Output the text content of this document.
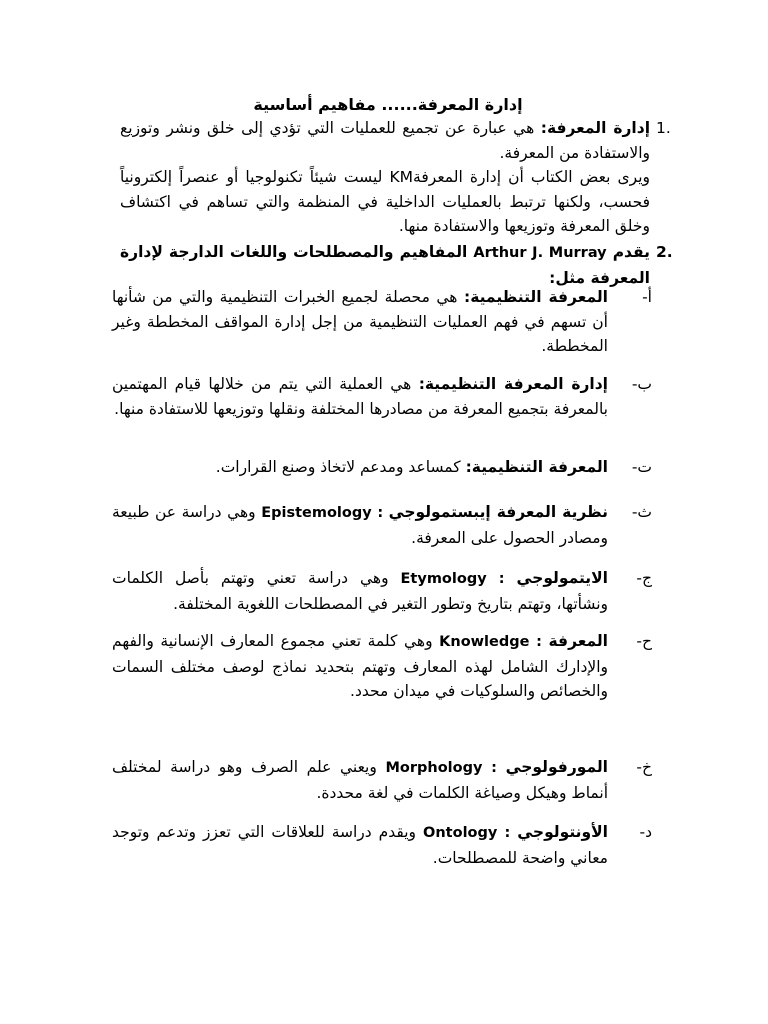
إدارة المعرفة...... مفاهيم أساسية
1.

إدارة المعرفة: هي عبارة عن تجميع للعمليات التي تؤدي إلى خلق ونشر وتوزيع والاستفادة من المعرفة.

ويرى بعض الكتاب أن إدارة المعرفةKM ليست شيئاً تكنولوجيا أو عنصراً إلكترونياً فحسب، ولكنها ترتبط بالعمليات الداخلية في المنظمة والتي تساهم في اكتشاف وخلق المعرفة وتوزيعها والاستفادة منها.

2.

يقدم Arthur J. Murray المفاهيم والمصطلحات واللغات الدارجة لإدارة المعرفة مثل:

أ-
المعرفة التنظيمية: هي محصلة لجميع الخبرات التنظيمية والتي من شأنها أن تسهم في فهم العمليات التنظيمية من إجل إدارة المواقف المخططة وغير المخططة.
ب-
إدارة المعرفة التنظيمية: هي العملية التي يتم من خلالها قيام المهتمين بالمعرفة بتجميع المعرفة من مصادرها المختلفة ونقلها وتوزيعها للاستفادة منها.
ت-
المعرفة التنظيمية: كمساعد ومدعم لاتخاذ وصنع القرارات.
ث-
نظرية المعرفة إيبستمولوجي Epistemology : وهي دراسة عن طبيعة ومصادر الحصول على المعرفة.
ج-
الايتمولوجي Etymology : وهي دراسة تعني وتهتم بأصل الكلمات ونشأتها، وتهتم بتاريخ وتطور التغير في المصطلحات اللغوية المختلفة.
ح-
المعرفة Knowledge : وهي كلمة تعني مجموع المعارف الإنسانية والفهم والإدارك الشامل لهذه المعارف وتهتم بتحديد نماذج لوصف مختلف السمات والخصائص والسلوكيات في ميدان محدد.
خ-
المورفولوجي Morphology : ويعني علم الصرف وهو دراسة لمختلف أنماط وهيكل وصياغة الكلمات في لغة محددة.
د-
الأونتولوجي Ontology : ويقدم دراسة للعلاقات التي تعزز وتدعم وتوجد معاني واضحة للمصطلحات.
